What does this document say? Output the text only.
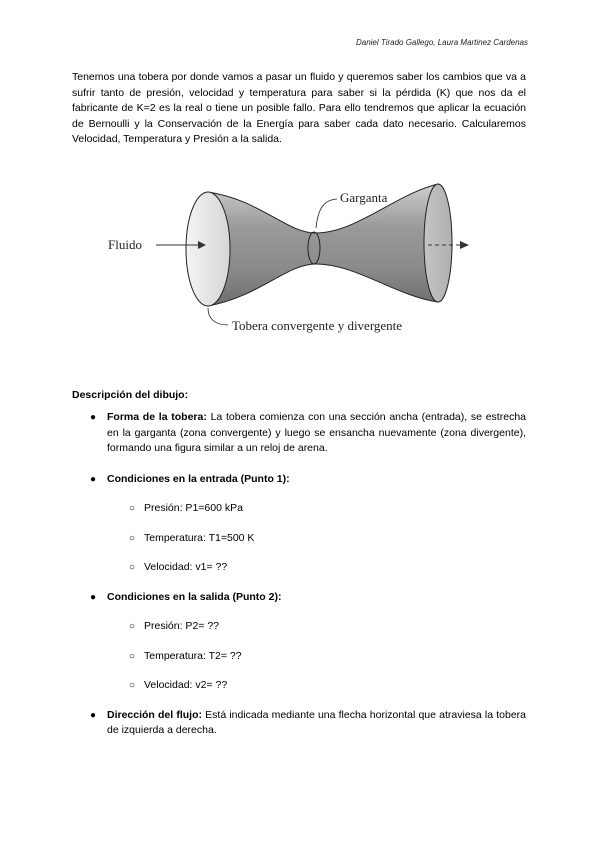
Daniel Tirado Gallego, Laura Martinez Cardenas

Tenemos una tobera por donde vamos a pasar un fluido y queremos saber los cambios que va a sufrir tanto de presión, velocidad y temperatura para saber si la pérdida (K) que nos da el fabricante de K=2 es la real o tiene un posible fallo. Para ello tendremos que aplicar la ecuación de Bernoulli y la Conservación de la Energía para saber cada dato necesario. Calcularemos Velocidad, Temperatura y Presión a la salida.

Fluido
Garganta
Tobera convergente y divergente

Descripción del dibujo:

● Forma de la tobera: La tobera comienza con una sección ancha (entrada), se estrecha en la garganta (zona convergente) y luego se ensancha nuevamente (zona divergente), formando una figura similar a un reloj de arena.

● Condiciones en la entrada (Punto 1):

○ Presión: P1=600 kPa
○ Temperatura: T1=500 K
○ Velocidad: v1= ??
● Condiciones en la salida (Punto 2):

○ Presión: P2= ??
○ Temperatura: T2= ??
○ Velocidad: v2= ??
● Dirección del flujo: Está indicada mediante una flecha horizontal que atraviesa la tobera de izquierda a derecha.
